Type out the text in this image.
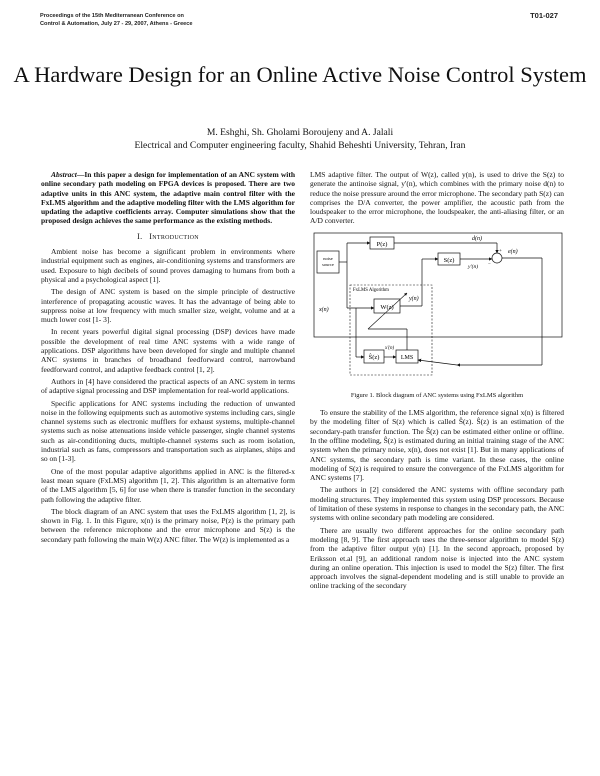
Proceedings of the 15th Mediterranean Conference on
Control & Automation, July 27 - 29, 2007, Athens - Greece
T01-027
A Hardware Design for an Online Active Noise Control System
M. Eshghi, Sh. Gholami Boroujeny and A. Jalali
Electrical and Computer engineering faculty, Shahid Beheshti University, Tehran, Iran

Abstract—In this paper a design for implementation of an ANC system with online secondary path modeling on FPGA devices is proposed. There are two adaptive units in this ANC system, the adaptive main control filter with the FxLMS algorithm and the adaptive modeling filter with the LMS algorithm for updating the adaptive coefficients array. Computer simulations show that the proposed design achieves the same performance as the existing methods.

I. Introduction

Ambient noise has become a significant problem in environments where industrial equipment such as engines, air-conditioning systems and transformers are used. Exposure to high decibels of sound proves damaging to humans from both a physical and a psychological aspect [1].

The design of ANC system is based on the simple principle of destructive interference of propagating acoustic waves. It has the advantage of being able to suppress noise at low frequency with much smaller size, weight, volume and at a much lower cost [1- 3].

In recent years powerful digital signal processing (DSP) devices have made possible the development of real time ANC systems with a wide range of applications. DSP algorithms have been developed for single and multiple channel ANC systems in branches of broadband feedforward control, narrowband feedforward control, and adaptive feedback control [1, 2].

Authors in [4] have considered the practical aspects of an ANC system in terms of adaptive signal processing and DSP implementation for real-world applications.

Specific applications for ANC systems including the reduction of unwanted noise in the following equipments such as automotive systems including cars, single channel systems such as electronic mufflers for exhaust systems, multiple-channel systems such as noise attenuations inside vehicle passenger, single channel systems such as air-conditioning ducts, multiple-channel systems such as room isolation, industrial such as fans, compressors and transportation such as airplanes, ships and so on [1-3].

One of the most popular adaptive algorithms applied in ANC is the filtered-x least mean square (FxLMS) algorithm [1, 2]. This algorithm is an alternative form of the LMS algorithm [5, 6] for use when there is transfer function in the secondary path following the adaptive filter.

The block diagram of an ANC system that uses the FxLMS algorithm [1, 2], is shown in Fig. 1. In this Figure, x(n) is the primary noise, P(z) is the primary path between the reference microphone and the error microphone and S(z) is the secondary path following the main W(z) ANC filter. The W(z) is implemented as a

LMS adaptive filter. The output of W(z), called y(n), is used to drive the S(z) to generate the antinoise signal, y'(n), which combines with the primary noise d(n) to reduce the noise pressure around the error microphone. The secondary path S(z) can comprises the D/A converter, the power amplifier, the acoustic path from the loudspeaker to the error microphone, the loudspeaker, the anti-aliasing filter, or an A/D converter.

noise
source
P(z)
d(n)
+
−
e(n)
S(z)
y'(n)
FxLMS Algorithm
x(n)	W(z)
y(n)
Ŝ(z)
x'(n)
LMS
Figure 1. Block diagram of ANC systems using FxLMS algorithm

To ensure the stability of the LMS algorithm, the reference signal x(n) is filtered by the modeling filter of S(z) which is called Ŝ(z). Ŝ(z) is an estimation of the secondary-path transfer function. The Ŝ(z) can be estimated either online or offline. In the offline modeling, Ŝ(z) is estimated during an initial training stage of the ANC system when the primary noise, x(n), does not exist [1]. But in many applications of ANC systems, the secondary path is time variant. In these cases, the online modeling of S(z) is required to ensure the convergence of the FxLMS algorithm for ANC systems [7].

The authors in [2] considered the ANC systems with offline secondary path modeling structures. They implemented this system using DSP processors. Because of limitation of these systems in response to changes in the secondary path, the ANC systems with online secondary path modeling are considered.

There are usually two different approaches for the online secondary path modeling [8, 9]. The first approach uses the three-sensor algorithm to model S(z) from the adaptive filter output y(n) [1]. In the second approach, proposed by Eriksson et.al [9], an additional random noise is injected into the ANC system during an online operation. This injection is used to model the S(z) filter. The first approach involves the signal-dependent modeling and is still unable to provide an online tracking of the secondary
